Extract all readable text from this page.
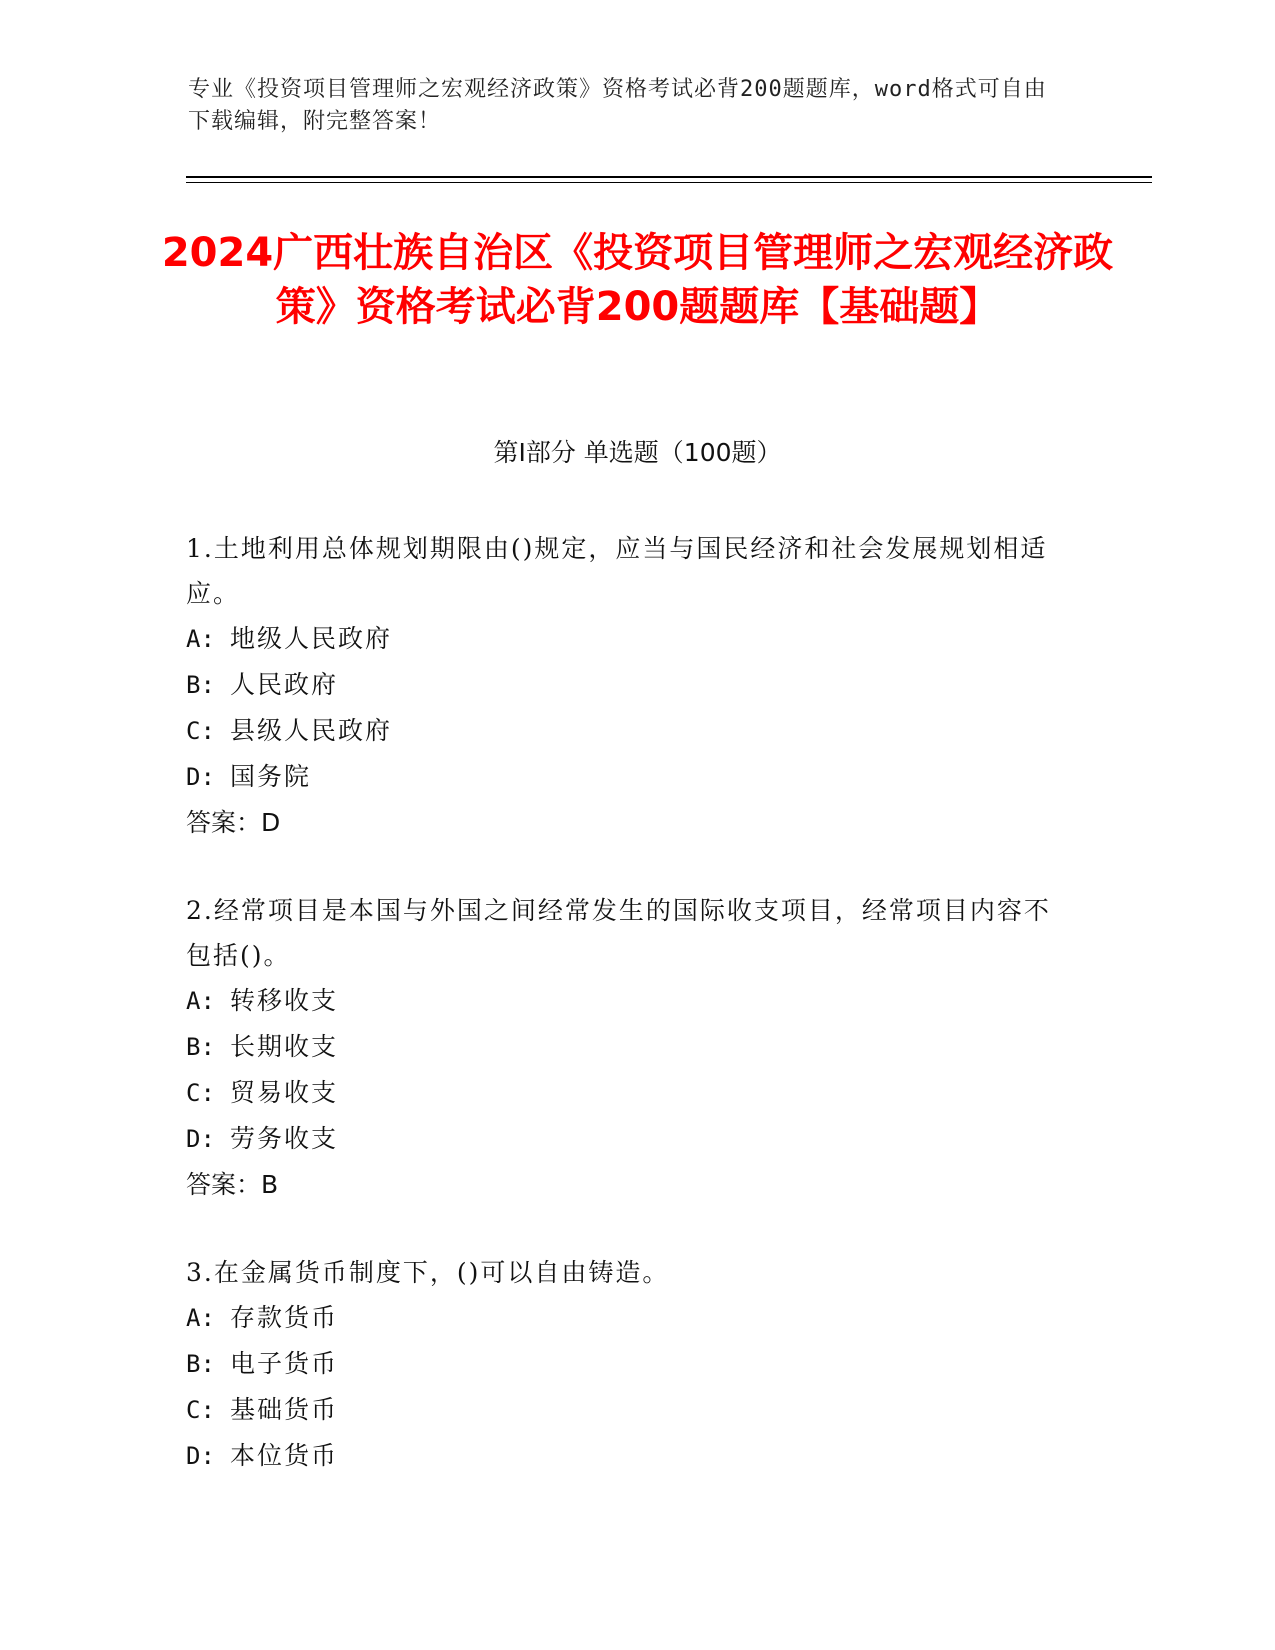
专业《投资项目管理师之宏观经济政策》资格考试必背200题题库，word格式可自由下载编辑，附完整答案！
2024广西壮族自治区《投资项目管理师之宏观经济政策》资格考试必背200题题库【基础题】
第I部分 单选题（100题）
1.土地利用总体规划期限由()规定，应当与国民经济和社会发展规划相适应。
A: 地级人民政府
B: 人民政府
C: 县级人民政府
D: 国务院
答案：D
2.经常项目是本国与外国之间经常发生的国际收支项目，经常项目内容不包括()。
A: 转移收支
B: 长期收支
C: 贸易收支
D: 劳务收支
答案：B
3.在金属货币制度下，()可以自由铸造。
A: 存款货币
B: 电子货币
C: 基础货币
D: 本位货币
